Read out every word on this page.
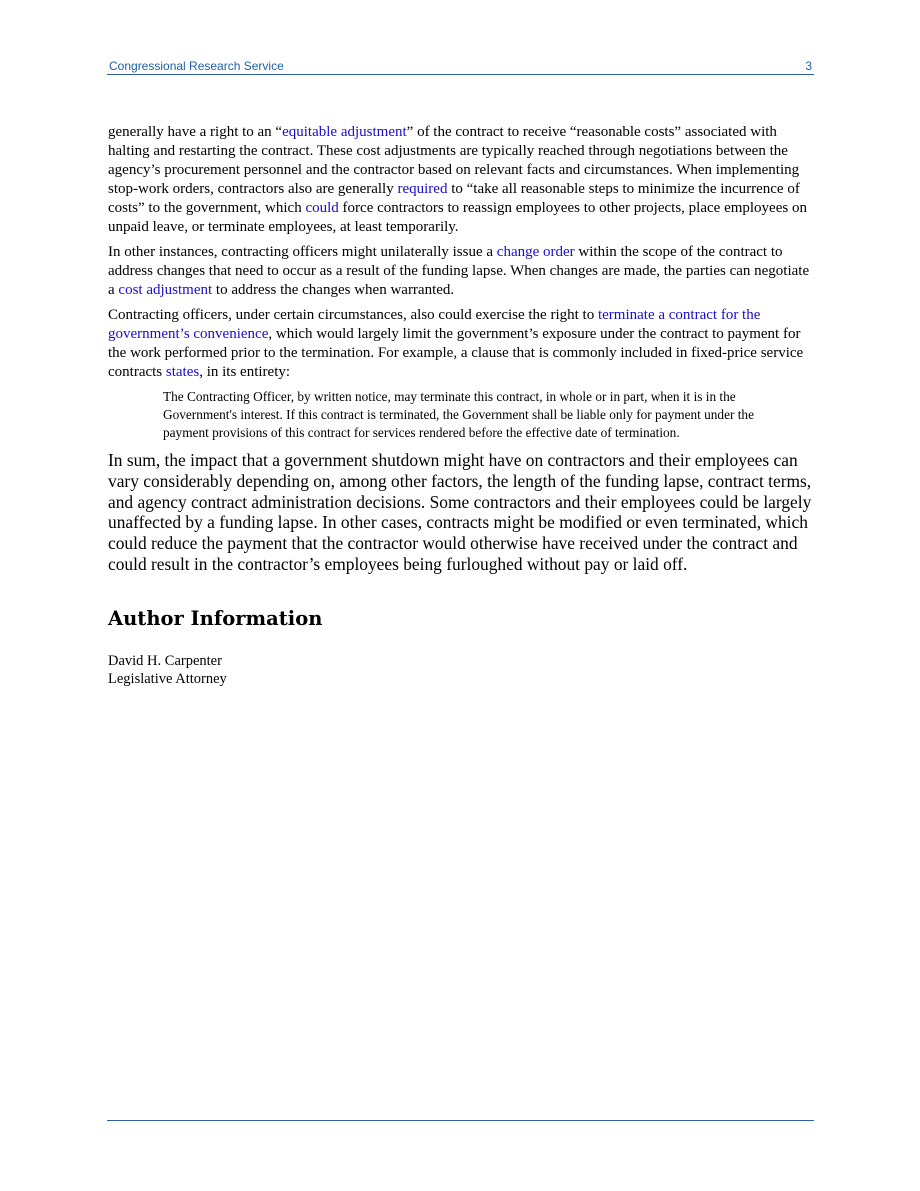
Congressional Research Service	3

generally have a right to an “equitable adjustment” of the contract to receive “reasonable costs” associated with halting and restarting the contract. These cost adjustments are typically reached through negotiations between the agency’s procurement personnel and the contractor based on relevant facts and circumstances. When implementing stop-work orders, contractors also are generally required to “take all reasonable steps to minimize the incurrence of costs” to the government, which could force contractors to reassign employees to other projects, place employees on unpaid leave, or terminate employees, at least temporarily.

In other instances, contracting officers might unilaterally issue a change order within the scope of the contract to address changes that need to occur as a result of the funding lapse. When changes are made, the parties can negotiate a cost adjustment to address the changes when warranted.

Contracting officers, under certain circumstances, also could exercise the right to terminate a contract for the government’s convenience, which would largely limit the government’s exposure under the contract to payment for the work performed prior to the termination. For example, a clause that is commonly included in fixed-price service contracts states, in its entirety:

The Contracting Officer, by written notice, may terminate this contract, in whole or in part, when it is in the Government's interest. If this contract is terminated, the Government shall be liable only for payment under the payment provisions of this contract for services rendered before the effective date of termination.

In sum, the impact that a government shutdown might have on contractors and their employees can vary considerably depending on, among other factors, the length of the funding lapse, contract terms, and agency contract administration decisions. Some contractors and their employees could be largely unaffected by a funding lapse. In other cases, contracts might be modified or even terminated, which could reduce the payment that the contractor would otherwise have received under the contract and could result in the contractor’s employees being furloughed without pay or laid off.

Author Information
David H. Carpenter
Legislative Attorney
